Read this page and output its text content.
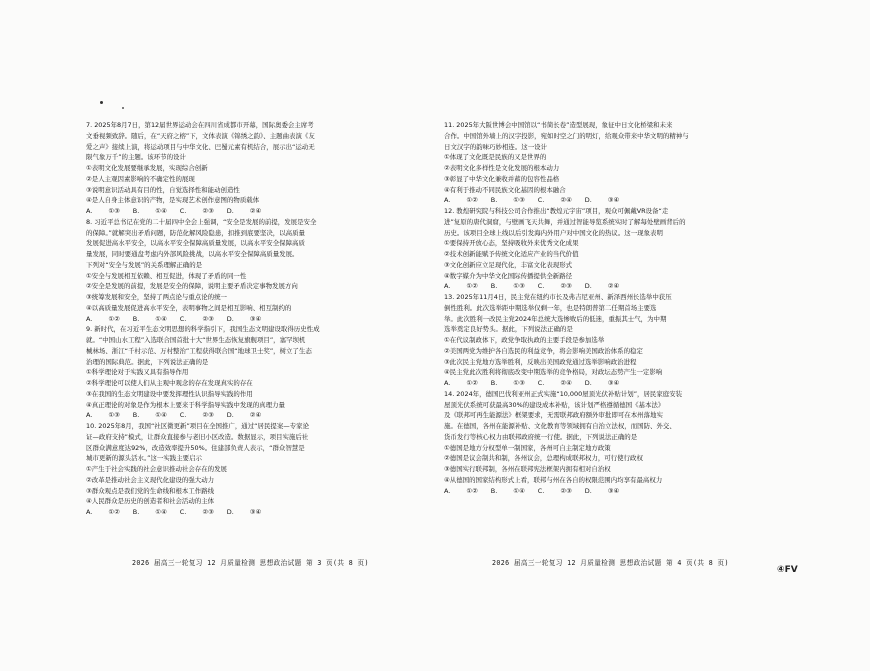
7. 2025年8月7日，第12届世界运动会在四川省成都市开幕，国际奥委会主席考

文垂视频致辞。随后，在“天府之榕”下，文体表演《锦绣之韵》、主题曲表演《友

爱之声》接续上演，将运动项目与中华文化、巴蜀元素有机结合，展示出“运动无

限气象万千”的主题。该环节的设计

①表明文化发展要继承发展，实现综合创新

②是人主观因素影响的不确定性的展现

③说明意识活动具有目的性，自觉选择性和能动创造性

④是人自身主体意识的产物，是实现艺术创作意图的物质载体

A. ①③　　B. ①④　　C. ②③　　D. ②④

8. 习近平总书记在党的二十届四中全会上强调，“安全是发展的前提，发展是安全

的保障。”就解突出矛盾问题，防范化解风险隐患，扣推到底要坚决，以高质量

发展促进高水平安全，以高水平安全保障高质量发展，以高水平安全保障高质

量发展，同时要通盘考虑内外部风险挑战，以高水平安全保障高质量发展。

下列对“安全与发展”的关系理解正确的是

①安全与发展相互依赖、相互促进，体现了矛盾的同一性

②安全是发展的前提，发展是安全的保障，说明主要矛盾决定事物发展方向

③统筹发展和安全，坚持了两点论与重点论的统一

④以高质量发展促进高水平安全，表明事物之间是相互影响、相互制约的

A. ①②　　B. ①④　　C. ②③　　D. ③④

9. 新时代，在习近平生态文明思想的科学指引下，我国生态文明建设取得历史性成

就。“中国山水工程”入选联合国首批十大“世界生态恢复旗舰项目”，塞罕坝机

械林场、浙江“千村示范、万村整治”工程获得联合国“地球卫士奖”，树立了生态

治理的国际典范。据此，下列说法正确的是

①科学理论对于实践又具有指导作用

②科学理论可以使人们从主观中观念的存在发现真实的存在

③在我国的生态文明建设中要发挥理性认识指导实践的作用

④真正理论的对象是作为根本上要来于科学指导实践中发现的真理力量

A. ①③　　B. ①④　　C. ②③　　D. ②④

10. 2025年8月，我国“社区微更新”项目在全国推广，通过“居民提案—专家论

证—政府支持”模式，让群众直接参与老旧小区改造。数据显示，项目实施后社

区群众满意度达92%，改造效率提升50%。住建部负责人表示，“群众智慧是

城市更新的源头活水。”这一实践主要启示

①产生于社会实践的社会意识推动社会存在的发展

②改革是推动社会主义现代化建设的强大动力

③群众观点是我们党的生命线和根本工作路线

④人民群众是历史的创造者和社会活动的主体

A. ①②　　B. ①④　　C. ②③　　D. ③④

11. 2025年大阪世博会中国馆以“书简长卷”造型展现，象征中日文化桥梁和未来

合作。中国馆外墙上的汉字投影，宛如时空之门的明灯，给观众带来中华文明的精神与

日文汉字的韵味巧妙相连。这一设计

①体现了文化既是民族的又是世界的

②表明文化多样性是文化发展的根本动力

③彰显了中华文化兼收并蓄的包容性品格

④有利于推动不同民族文化基因的根本融合

A. ①②　　B. ①③　　C. ②④　　D. ③④

12. 教煌研究院与科技公司合作推出“教煌元宇宙”项目，观众可佩戴VR设备“走

进”复原的唐代洞窟，与壁画飞天共舞，并通过智能导览系统实时了解每处壁画背后的

历史。该项目全球上线以后引发海内外用户对中国文化的热议。这一现象表明

①要保持开放心态，坚持吸收外来优秀文化成果

②技术创新能赋予传统文化适应产业的当代价值

③文化创新应立足现代化，丰富文化表现形式

④数字媒介为中华文化国际传播提供全新路径

A. ①②　　B. ①③　　C. ②③　　D. ②④

13. 2025年11月4日，民主党在纽约市长及弗吉尼亚州、新泽西州长选举中获压

倒性胜利。此次选举距中期选举仅剩一年，也是特朗普第二任期首场主要选

举。此次胜利一改民主党2024年总统大选惨败后的低迷，重振其士气，为中期

选举奠定良好势头。据此，下列说法正确的是

①在代议制政体下，政党争取执政的主要手段是参加选举

②美国两党为维护各自选民的利益竞争，将会影响美国政治体系的稳定

③此次民主党地方选举胜利，反映出美国政党通过选举影响政治进程

④民主党此次胜利将彻底改变中期选举的竞争格局，对政坛态势产生一定影响

A. ①②　　B. ①③　　C. ②④　　D. ③④

14. 2024年，德国巴伐利亚州正式实施“10,000屋顶光伏补贴计划”，居民家庭安装

屋顶光伏系统可获最高30%的建设成本补贴，该计划严格遵循德国《基本法》

及《联邦可再生能源法》框架要求，无需联邦政府额外审批即可在本州落地实

施。在德国，各州在能源补贴、文化教育等领域拥有自治立法权，而国防、外交、

货币发行等核心权力由联邦政府统一行使。据此，下列说法正确的是

①德国是地方分权型单一制国家，各州可自主制定地方政策

②德国是议会制共和制，各州议会，总理构成联邦权力，可行使行政权

③德国实行联邦制，各州在联邦宪法框架内拥有相对自治权

④从德国的国家结构形式上看，联邦与州在各自的权限范围内均享有最高权力

A. ①②　　B. ①④　　C. ②③　　D. ③④

2026 届高三一轮复习 12 月质量检测 思想政治试题 第 3 页(共 8 页)	2026 届高三一轮复习 12 月质量检测 思想政治试题 第 4 页(共 8 页)
④FV
